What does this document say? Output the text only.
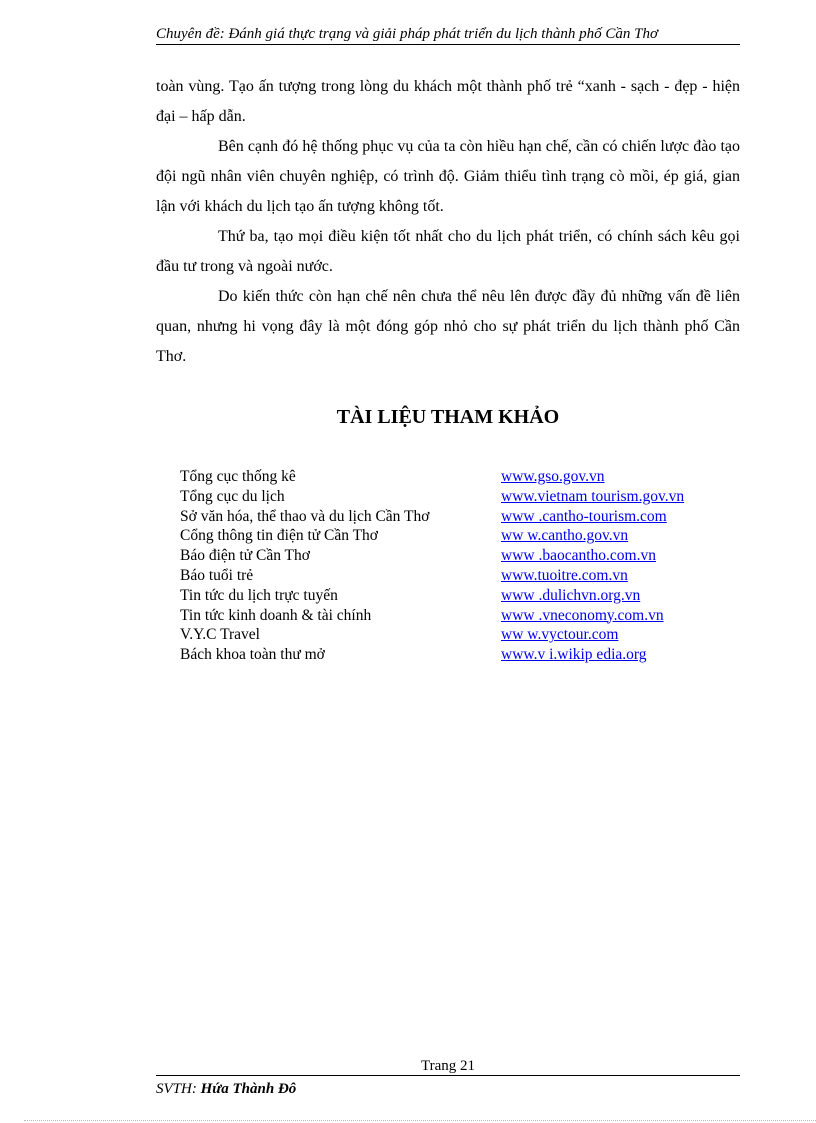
Chuyên đề: Đánh giá thực trạng và giải pháp phát triển du lịch thành phố Cần Thơ

toàn vùng. Tạo ấn tượng trong lòng du khách một thành phố trẻ “xanh - sạch - đẹp - hiện đại – hấp dẫn.

Bên cạnh đó hệ thống phục vụ của ta còn hiều hạn chế, cần có chiến lược đào tạo đội ngũ nhân viên chuyên nghiệp, có trình độ. Giảm thiểu tình trạng cò mồi, ép giá, gian lận với khách du lịch tạo ấn tượng không tốt.

Thứ ba, tạo mọi điều kiện tốt nhất cho du lịch phát triển, có chính sách kêu gọi đầu tư trong và ngoài nước.

Do kiến thức còn hạn chế nên chưa thể nêu lên được đầy đủ những vấn đề liên quan, nhưng hi vọng đây là một đóng góp nhỏ cho sự phát triển du lịch thành phố Cần Thơ.

TÀI LIỆU THAM KHẢO
Tổng cục thống kê	www.gso.gov.vn
Tổng cục du lịch	www.vietnam tourism.gov.vn
Sở văn hóa, thể thao và du lịch Cần Thơ	www .cantho-tourism.com
Cổng thông tin điện tử Cần Thơ	ww w.cantho.gov.vn
Báo điện tử Cần Thơ	www .baocantho.com.vn
Báo tuổi trẻ	www.tuoitre.com.vn
Tin tức du lịch trực tuyến	www .dulichvn.org.vn
Tin tức kinh doanh & tài chính	www .vneconomy.com.vn
V.Y.C Travel	ww w.vyctour.com
Bách khoa toàn thư mở	www.v i.wikip edia.org
Trang 21
SVTH: Hứa Thành Đô
